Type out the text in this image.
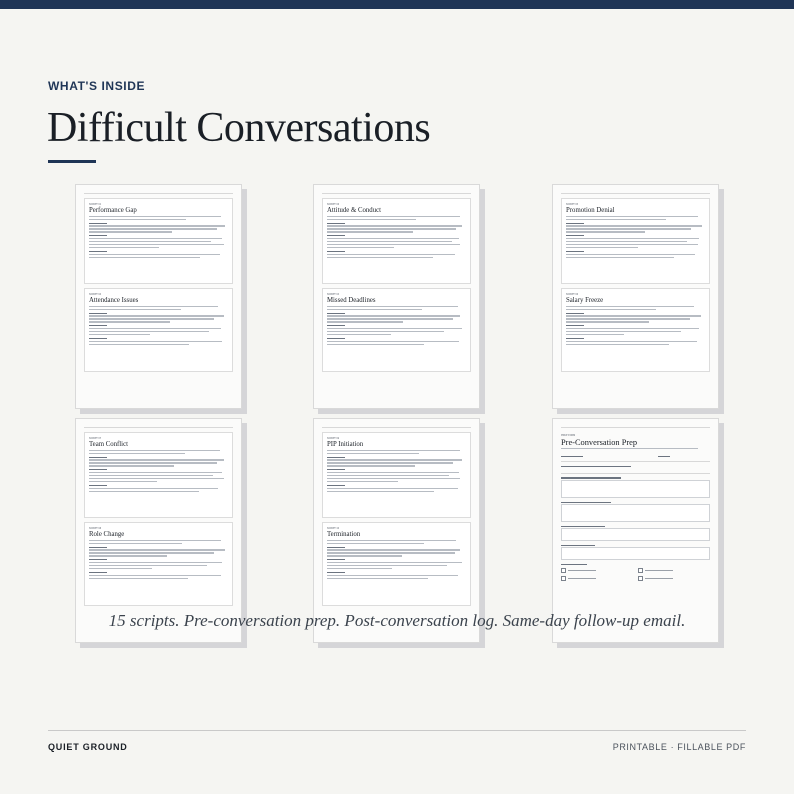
WHAT'S INSIDE
Difficult Conversations
SCRIPT 01
Performance Gap
SCRIPT 02
Attendance Issues
SCRIPT 03
Attitude & Conduct
SCRIPT 04
Missed Deadlines
SCRIPT 05
Promotion Denial
SCRIPT 06
Salary Freeze
SCRIPT 07
Team Conflict
SCRIPT 08
Role Change
SCRIPT 09
PIP Initiation
SCRIPT 10
Termination
PREP FORM
Pre-Conversation Prep
15 scripts. Pre-conversation prep. Post-conversation log. Same-day follow-up email.
QUIET GROUND	PRINTABLE · FILLABLE PDF
